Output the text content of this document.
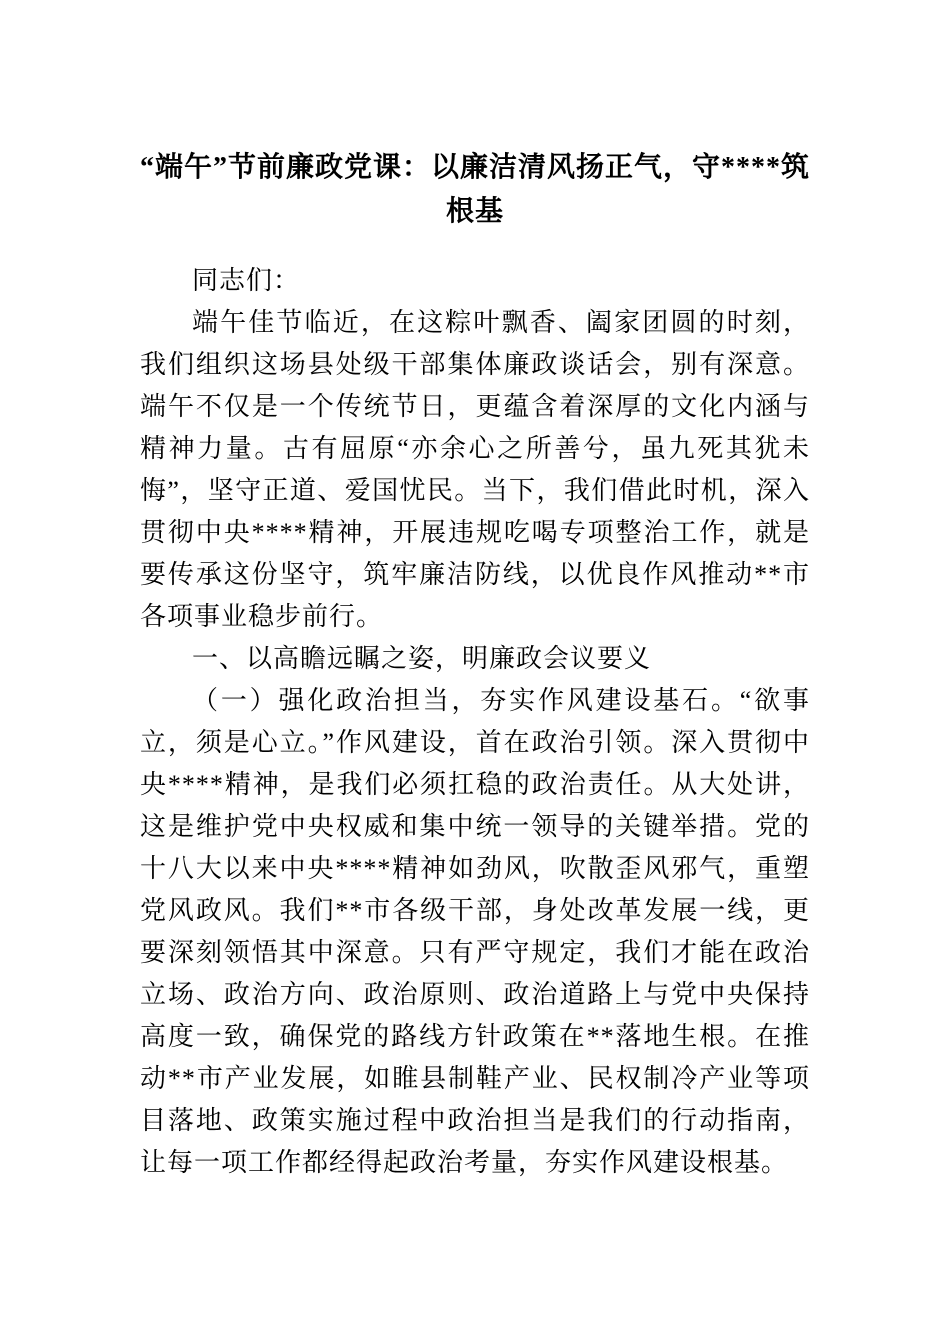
“端午”节前廉政党课：以廉洁清风扬正气，守****筑根基

同志们：

端午佳节临近，在这粽叶飘香、阖家团圆的时刻，我们组织这场县处级干部集体廉政谈话会，别有深意。端午不仅是一个传统节日，更蕴含着深厚的文化内涵与精神力量。古有屈原“亦余心之所善兮，虽九死其犹未悔”，坚守正道、爱国忧民。当下，我们借此时机，深入贯彻中央****精神，开展违规吃喝专项整治工作，就是要传承这份坚守，筑牢廉洁防线，以优良作风推动**市各项事业稳步前行。

一、以高瞻远瞩之姿，明廉政会议要义

（一）强化政治担当，夯实作风建设基石。“欲事立，须是心立。”作风建设，首在政治引领。深入贯彻中央****精神，是我们必须扛稳的政治责任。从大处讲，这是维护党中央权威和集中统一领导的关键举措。党的十八大以来中央****精神如劲风，吹散歪风邪气，重塑党风政风。我们**市各级干部，身处改革发展一线，更要深刻领悟其中深意。只有严守规定，我们才能在政治立场、政治方向、政治原则、政治道路上与党中央保持高度一致，确保党的路线方针政策在**落地生根。在推动**市产业发展，如睢县制鞋产业、民权制冷产业等项目落地、政策实施过程中政治担当是我们的行动指南，让每一项工作都经得起政治考量，夯实作风建设根基。
